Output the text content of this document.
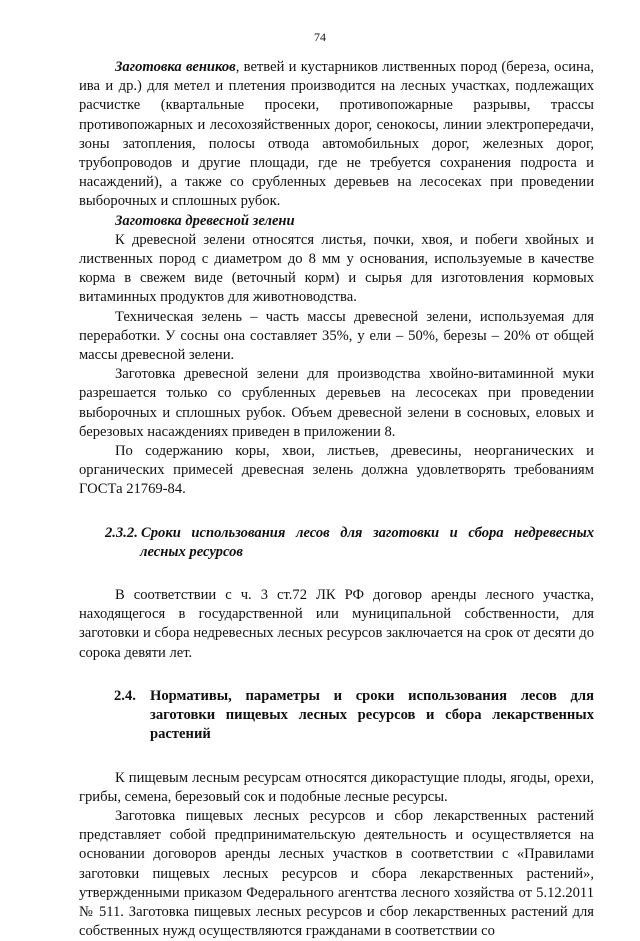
74

Заготовка веников, ветвей и кустарников лиственных пород (береза, осина, ива и др.) для метел и плетения производится на лесных участках, подлежащих расчистке (квартальные просеки, противопожарные разрывы, трассы противопожарных и лесохозяйственных дорог, сенокосы, линии электропередачи, зоны затопления, полосы отвода автомобильных дорог, железных дорог, трубопроводов и другие площади, где не требуется сохранения подроста и насаждений), а также со срубленных деревьев на лесосеках при проведении выборочных и сплошных рубок.

Заготовка древесной зелени

К древесной зелени относятся листья, почки, хвоя, и побеги хвойных и лиственных пород с диаметром до 8 мм у основания, используемые в качестве корма в свежем виде (веточный корм) и сырья для изготовления кормовых витаминных продуктов для животноводства.

Техническая зелень – часть массы древесной зелени, используемая для переработки. У сосны она составляет 35%, у ели – 50%, березы – 20% от общей массы древесной зелени.

Заготовка древесной зелени для производства хвойно-витаминной муки разрешается только со срубленных деревьев на лесосеках при проведении выборочных и сплошных рубок. Объем древесной зелени в сосновых, еловых и березовых насаждениях приведен в приложении 8.

По содержанию коры, хвои, листьев, древесины, неорганических и органических примесей древесная зелень должна удовлетворять требованиям ГОСТа 21769-84.

2.3.2. Сроки использования лесов для заготовки и сбора недревесных лесных ресурсов

В соответствии с ч. 3 ст.72 ЛК РФ договор аренды лесного участка, находящегося в государственной или муниципальной собственности, для заготовки и сбора недревесных лесных ресурсов заключается на срок от десяти до сорока девяти лет.

2.4. Нормативы, параметры и сроки использования лесов для заготовки пищевых лесных ресурсов и сбора лекарственных растений

К пищевым лесным ресурсам относятся дикорастущие плоды, ягоды, орехи, грибы, семена, березовый сок и подобные лесные ресурсы.

Заготовка пищевых лесных ресурсов и сбор лекарственных растений представляет собой предпринимательскую деятельность и осуществляется на основании договоров аренды лесных участков в соответствии с «Правилами заготовки пищевых лесных ресурсов и сбора лекарственных растений», утвержденными приказом Федерального агентства лесного хозяйства от 5.12.2011 № 511. Заготовка пищевых лесных ресурсов и сбор лекарственных растений для собственных нужд осуществляются гражданами в соответствии со
